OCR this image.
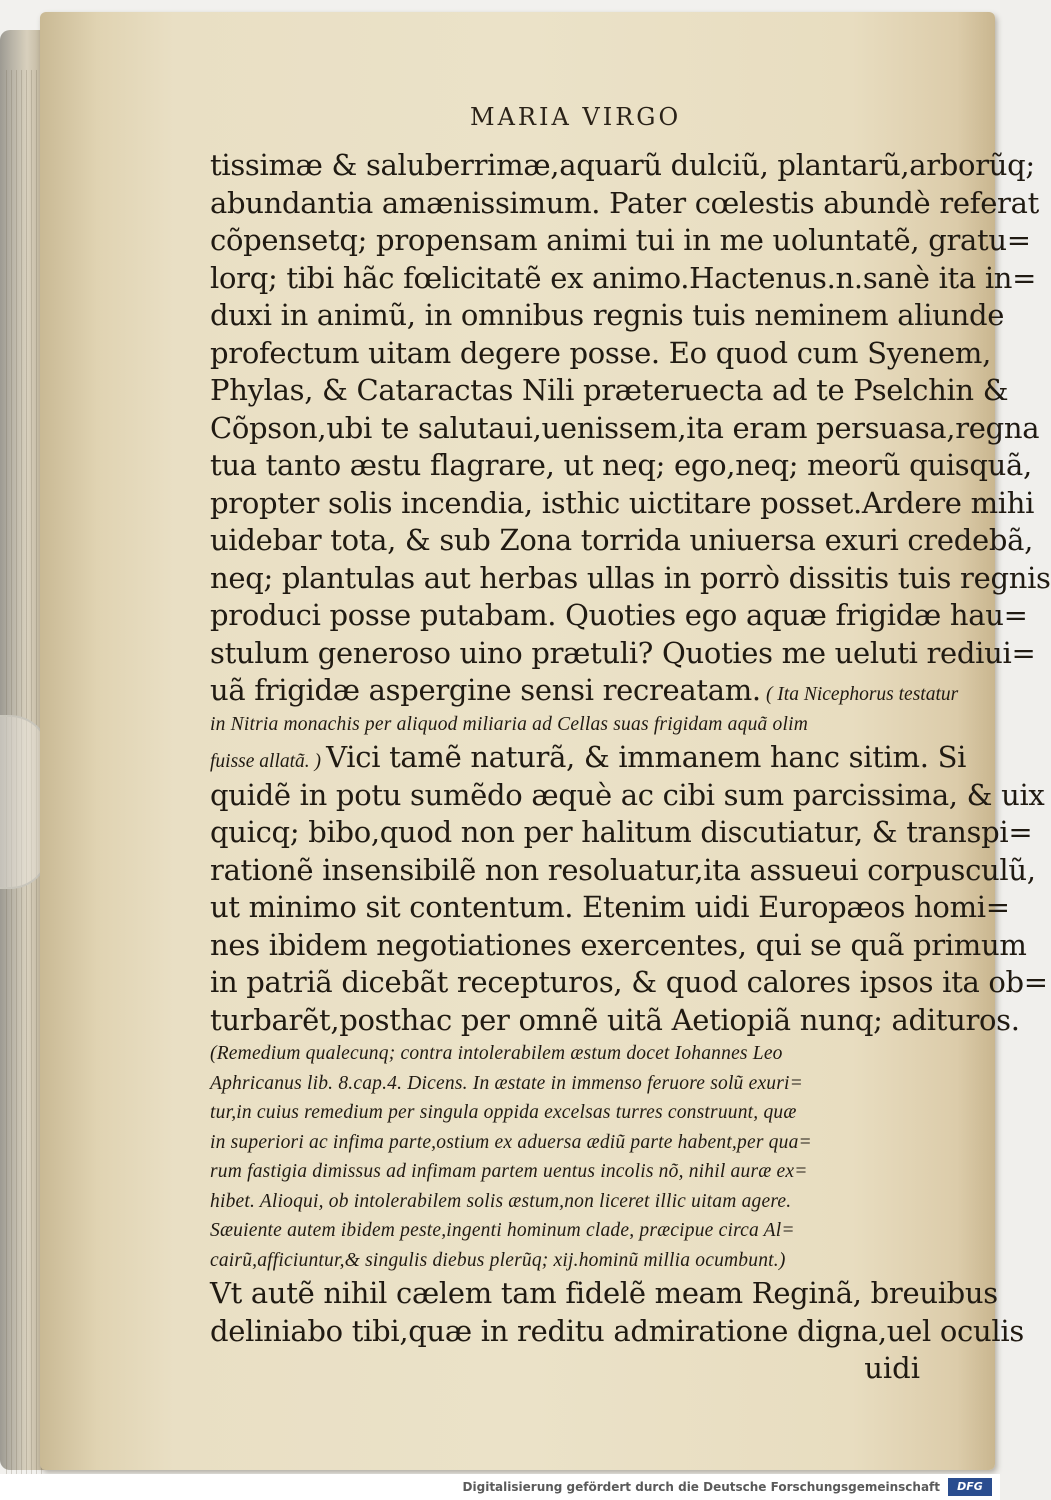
MARIA VIRGO
tissimæ & saluberrimæ,aquarũ dulciũ, plantarũ,arborũq;
abundantia amænissimum. Pater cœlestis abundè referat
cõpensetq; propensam animi tui in me uoluntatẽ, gratu=
lorq; tibi hãc fœlicitatẽ ex animo.Hactenus.n.sanè ita in=
duxi in animũ, in omnibus regnis tuis neminem aliunde
profectum uitam degere posse. Eo quod cum Syenem,
Phylas, & Cataractas Nili præteruecta ad te Pselchin &
Cõpson,ubi te salutaui,uenissem,ita eram persuasa,regna
tua tanto æstu flagrare, ut neq; ego,neq; meorũ quisquã,
propter solis incendia, isthic uictitare posset.Ardere mihi
uidebar tota, & sub Zona torrida uniuersa exuri credebã,
neq; plantulas aut herbas ullas in porrò dissitis tuis regnis
produci posse putabam. Quoties ego aquæ frigidæ hau=
stulum generoso uino prætuli? Quoties me ueluti rediui=
uã frigidæ aspergine sensi recreatam. ( Ita Nicephorus testatur
in Nitria monachis per aliquod miliaria ad Cellas suas frigidam aquã olim
fuisse allatã. ) Vici tamẽ naturã, & immanem hanc sitim. Si
quidẽ in potu sumẽdo æquè ac cibi sum parcissima, & uix
quicq; bibo,quod non per halitum discutiatur, & transpi=
rationẽ insensibilẽ non resoluatur,ita assueui corpusculũ,
ut minimo sit contentum. Etenim uidi Europæos homi=
nes ibidem negotiationes exercentes, qui se quã primum
in patriã dicebãt recepturos, & quod calores ipsos ita ob=
turbarẽt,posthac per omnẽ uitã Aetiopiã nunq; adituros.
(Remedium qualecunq; contra intolerabilem æstum docet Iohannes Leo
Aphricanus lib. 8.cap.4. Dicens. In æstate in immenso feruore solũ exuri=
tur,in cuius remedium per singula oppida excelsas turres construunt, quæ
in superiori ac infima parte,ostium ex aduersa ædiũ parte habent,per qua=
rum fastigia dimissus ad infimam partem uentus incolis nõ, nihil auræ ex=
hibet. Alioqui, ob intolerabilem solis æstum,non liceret illic uitam agere.
Sæuiente autem ibidem peste,ingenti hominum clade, præcipue circa Al=
cairũ,afficiuntur,& singulis diebus plerũq; xij.hominũ millia ocumbunt.)
Vt autẽ nihil cælem tam fidelẽ meam Reginã, breuibus
deliniabo tibi,quæ in reditu admiratione digna,uel oculis
uidi
Digitalisierung gefördert durch die Deutsche Forschungsgemeinschaft	DFG
